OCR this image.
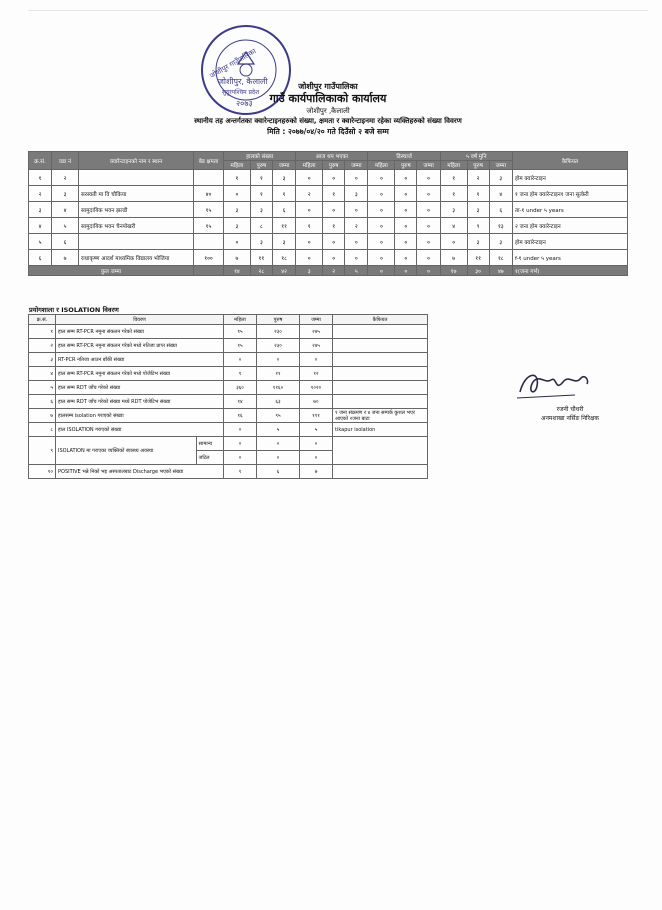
जोशीपुर गाउँपालिका
जोशीपुर, कैलाली
सुदूरपश्चिम प्रदेश
२०७३
जोशीपुर गाउँपालिका
गाउँ कार्यपालिकाको कार्यालय
जोशीपुर ,कैलाली
स्थानीय तह अन्तर्गतका क्वारेन्टाइनहरुको संख्या, क्षमता र क्वारेन्टाइनमा रहेका व्यक्तिहरुको संख्या विवरण
मिति : २०७७/०४/२० गते दिउँसो २ बजे सम्म
क्र.सं.	वडा नं	क्वारेन्टाइनको नाम र स्थान	बेड क्षमता	हालको संख्या			आज थप भएका			डिस्चार्ज			५ वर्ष मुनि			कैफियत
				महिला	पुरुष	जम्मा	महिला	पुरुष	जम्मा	महिला	पुरुष	जम्मा	महिला	पुरुष	जम्मा	
१	२			१	१	३	०	०	०	०	०	०	१	२	३	होम क्वारेन्टाइन
२	३	सरस्वती मा वि चौकिया	४०	०	१	१	२	१	३	०	०	०	१	१	४	१ जना होम क्वारेन्टाइन१ जना सुत्केरी
३	४	सामुदायिक भवन झल्डी	१५	३	३	६	०	०	०	०	०	०	३	३	६	ता-१ under ५ years
४	५	सामुदायिक भवन चैनपोखरी	१५	३	८	११	१	१	२	०	०	०	४	९	१३	२ जना होम क्वारेन्टाइन
५	६			०	३	३	०	०	०	०	०	०	०	३	३	होम क्वारेन्टाइन
६	७	राधाकृष्ण आदर्श माध्यमिक विद्यालय भोजिया	१००	७	११	१८	०	०	०	०	०	०	७	११	१८	f-१ under ५ years
कुल जम्मा				१४	२८	४२	३	२	५	०	०	०	१७	३०	४७	१(जना गर्भ)
प्रयोगशाला र ISOLATION विवरण
क्र.सं.	विवरण		महिला	पुरुष	जम्मा	कैफियत
१	हाल सम्म RT-PCR नमुना संकलन गरेको संख्या		१५	२३०	२४५	
२	हाल सम्म RT-PCR नमुना संकलन गरेको मध्ये नतिजा प्राप्त संख्या		१५	२३०	२४५	
३	RT-PCR नतिजा आउन बाँकी संख्या		०	०	०	
४	हाल सम्म RT-PCR नमुना संकलन गरेको मध्ये पोजेटिभ संख्या		१	११	१२	
५	हाल सम्म RDT जाँच गरेको संख्या		३६०	११६०	१०२०	
६	हाल सम्म RDT जाँच गरेको संख्या मध्ये RDT पोजेटिभ संख्या		१४	६३	७०	
७	हालसम्म isolation गराएको संख्या		१६	९५	१११	१ जना संक्रमण र ४ जना सम्पर्क कुशल भएर आएको २जना बाटा
८	हाल ISOLATION गराएको संख्या		०	५	५	tikapur isolation
९	ISOLATION मा गराएका व्यक्तिको स्वास्थ्य अवस्था	सामान्य	०	०	०	
		जटिल	०	०	०	
१०	POSITIVE भन्ने निको भइ अस्पतालबाट Discharge भएको संख्या		१	६	७	
रजनी चौधरी
अनमशाखा नर्सिङ निरिक्षक
